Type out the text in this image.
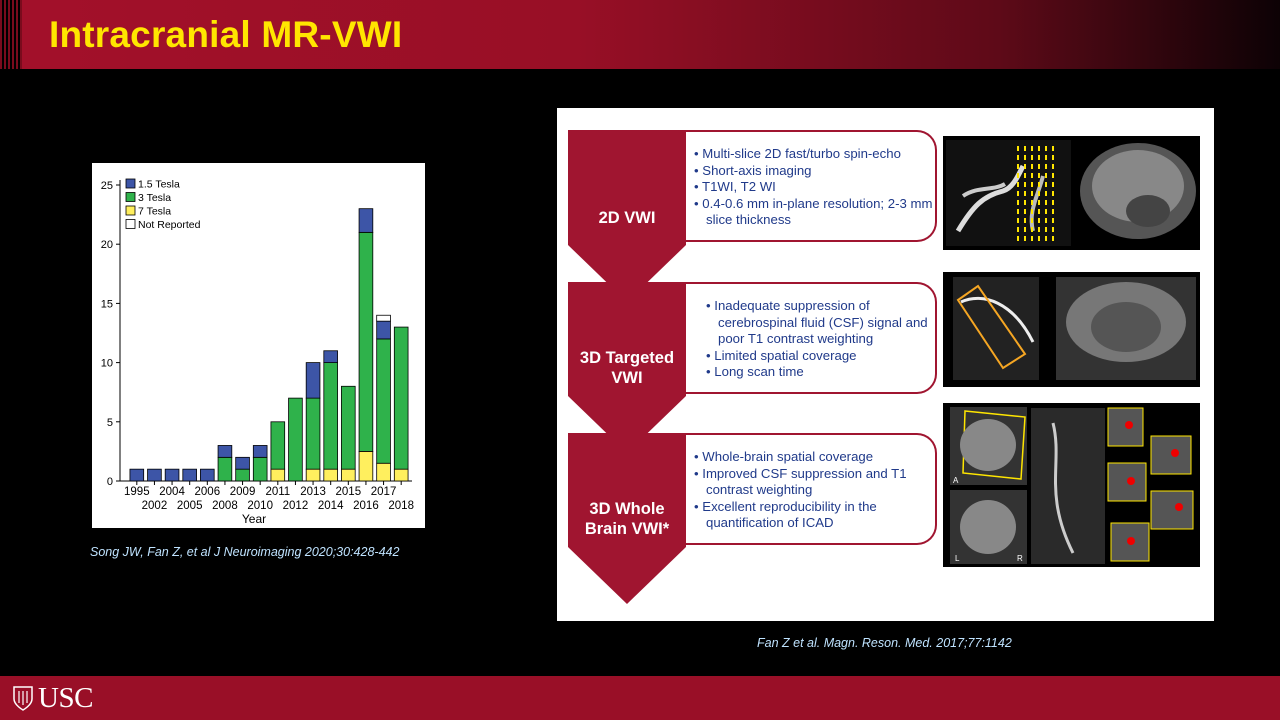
Intracranial MR-VWI
0
5
10
15
20
25
1995 2004 2006 2009 2011 2013 2015 2017
2002 2005 2008 2010 2012 2014 2016 2018
Year
1.5 Tesla
3 Tesla
7 Tesla
Not Reported
Song JW, Fan Z, et al J Neuroimaging 2020;30:428-442
2D VWI
3D Targeted
VWI
3D Whole
Brain VWI*
• Multi-slice 2D fast/turbo spin-echo
• Short-axis imaging
• T1WI, T2 WI
• 0.4-0.6 mm in-plane resolution; 2-3 mm slice thickness
• Inadequate suppression of cerebrospinal fluid (CSF) signal and poor T1 contrast weighting
• Limited spatial coverage
• Long scan time
• Whole-brain spatial coverage
• Improved CSF suppression and T1 contrast weighting
• Excellent reproducibility in the quantification of ICAD
A
L	R
Fan Z et al. Magn. Reson. Med. 2017;77:1142
USC
